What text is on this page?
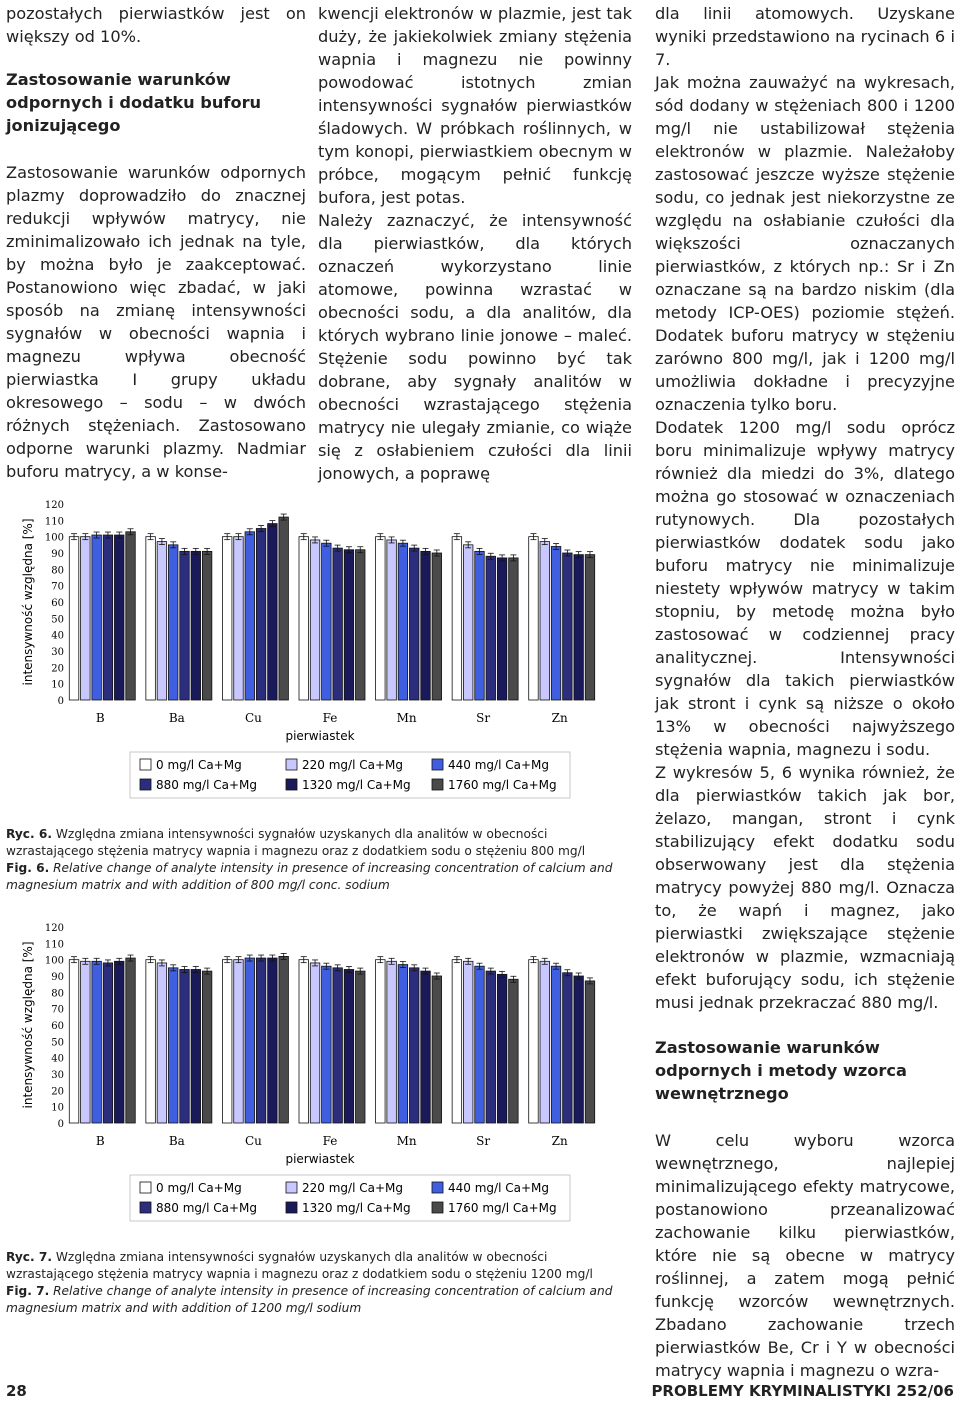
pozostałych pierwiastków jest on większy od 10%.

Zastosowanie warunków odpornych i dodatku buforu jonizującego

Zastosowanie warunków odpornych plazmy doprowadziło do znacznej redukcji wpływów matrycy, nie zminimalizowało ich jednak na tyle, by można było je zaakceptować. Postanowiono więc zbadać, w jaki sposób na zmianę intensywności sygnałów w obecności wapnia i magnezu wpływa obecność pierwiastka I grupy układu okresowego – sodu – w dwóch różnych stężeniach. Zastosowano odporne warunki plazmy. Nadmiar buforu matrycy, a w konse-

kwencji elektronów w plazmie, jest tak duży, że jakiekolwiek zmiany stężenia wapnia i magnezu nie powinny powodować istotnych zmian intensywności sygnałów pierwiastków śladowych. W próbkach roślinnych, w tym konopi, pierwiastkiem obecnym w próbce, mogącym pełnić funkcję bufora, jest potas.

Należy zaznaczyć, że intensywność dla pierwiastków, dla których oznaczeń wykorzystano linie atomowe, powinna wzrastać w obecności sodu, a dla analitów, dla których wybrano linie jonowe – maleć. Stężenie sodu powinno być tak dobrane, aby sygnały analitów w obecności wzrastającego stężenia matrycy nie ulegały zmianie, co wiąże się z osłabieniem czułości dla linii jonowych, a poprawę

dla linii atomowych. Uzyskane wyniki przedstawiono na rycinach 6 i 7.

Jak można zauważyć na wykresach, sód dodany w stężeniach 800 i 1200 mg/l nie ustabilizował stężenia elektronów w plazmie. Należałoby zastosować jeszcze wyższe stężenie sodu, co jednak jest niekorzystne ze względu na osłabianie czułości dla większości oznaczanych pierwiastków, z których np.: Sr i Zn oznaczane są na bardzo niskim (dla metody ICP-OES) poziomie stężeń. Dodatek buforu matrycy w stężeniu zarówno 800 mg/l, jak i 1200 mg/l umożliwia dokładne i precyzyjne oznaczenia tylko boru.

Dodatek 1200 mg/l sodu oprócz boru minimalizuje wpływy matrycy również dla miedzi do 3%, dlatego można go stosować w oznaczeniach rutynowych. Dla pozostałych pierwiastków dodatek sodu jako buforu matrycy nie minimalizuje niestety wpływów matrycy w takim stopniu, by metodę można było zastosować w codziennej pracy analitycznej. Intensywności sygnałów dla takich pierwiastków jak stront i cynk są niższe o około 13% w obecności najwyższego stężenia wapnia, magnezu i sodu.

Z wykresów 5, 6 wynika również, że dla pierwiastków takich jak bor, żelazo, mangan, stront i cynk stabilizujący efekt dodatku sodu obserwowany jest dla stężenia matrycy powyżej 880 mg/l. Oznacza to, że wapń i magnez, jako pierwiastki zwiększające stężenie elektronów w plazmie, wzmacniają efekt buforujący sodu, ich stężenie musi jednak przekraczać 880 mg/l.

Zastosowanie warunków odpornych i metody wzorca wewnętrznego

W celu wyboru wzorca wewnętrznego, najlepiej minimalizującego efekty matrycowe, postanowiono przeanalizować zachowanie kilku pierwiastków, które nie są obecne w matrycy roślinnej, a zatem mogą pełnić funkcję wzorców wewnętrznych. Zbadano zachowanie trzech pierwiastków Be, Cr i Y w obecności matrycy wapnia i magnezu o wzra-

intensywność względna [%]
0
10
20
30
40
50
60
70
80
90
100
110
120
B	Ba	Cu	Fe	Mn	Sr	Zn
pierwiastek
0 mg/l Ca+Mg	220 mg/l Ca+Mg	440 mg/l Ca+Mg
880 mg/l Ca+Mg	1320 mg/l Ca+Mg	1760 mg/l Ca+Mg
Ryc. 6. Względna zmiana intensywności sygnałów uzyskanych dla analitów w obecności wzrastającego stężenia matrycy wapnia i magnezu oraz z dodatkiem sodu o stężeniu 800 mg/l
Fig. 6. Relative change of analyte intensity in presence of increasing concentration of calcium and magnesium matrix and with addition of 800 mg/l conc. sodium
intensywność względna [%]
0
10
20
30
40
50
60
70
80
90
100
110
120
B	Ba	Cu	Fe	Mn	Sr	Zn
pierwiastek
0 mg/l Ca+Mg	220 mg/l Ca+Mg	440 mg/l Ca+Mg
880 mg/l Ca+Mg	1320 mg/l Ca+Mg	1760 mg/l Ca+Mg
Ryc. 7. Względna zmiana intensywności sygnałów uzyskanych dla analitów w obecności wzrastającego stężenia matrycy wapnia i magnezu oraz z dodatkiem sodu o stężeniu 1200 mg/l
Fig. 7. Relative change of analyte intensity in presence of increasing concentration of calcium and magnesium matrix and with addition of 1200 mg/l sodium
28	PROBLEMY KRYMINALISTYKI 252/06
